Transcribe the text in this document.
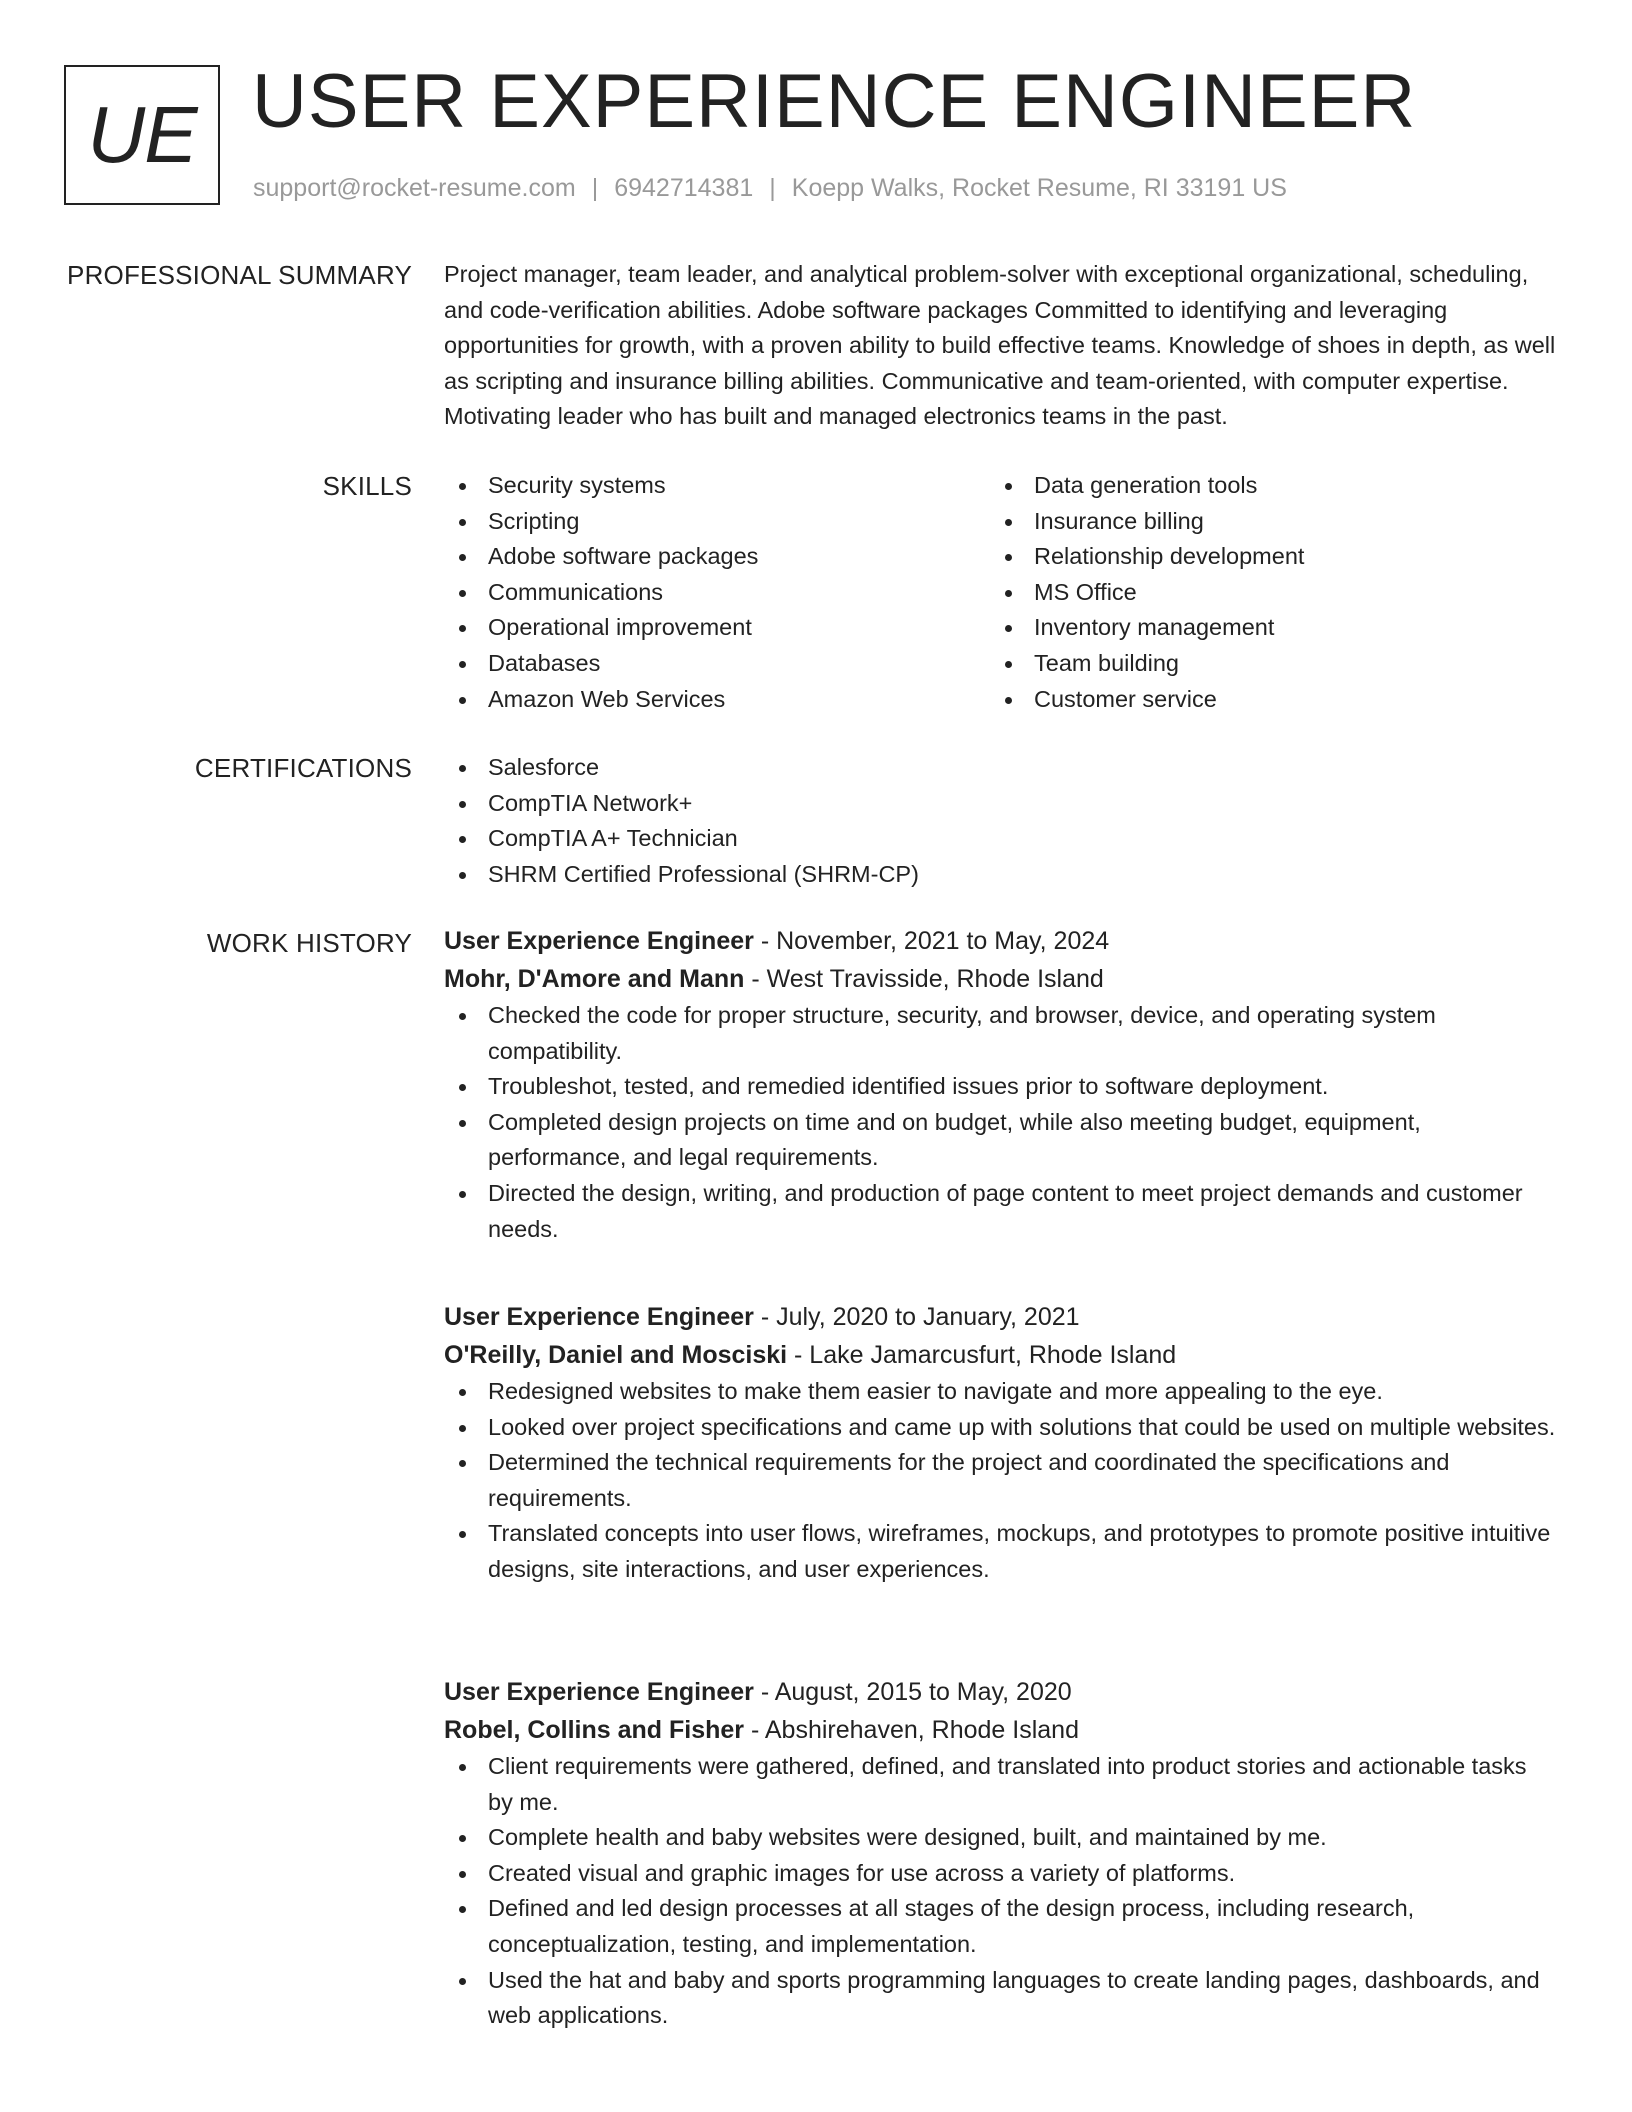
UE USER EXPERIENCE ENGINEER
support@rocket-resume.com | 6942714381 | Koepp Walks, Rocket Resume, RI 33191 US
PROFESSIONAL SUMMARY Project manager, team leader, and analytical problem-solver with exceptional organizational, scheduling, and code-verification abilities. Adobe software packages Committed to identifying and leveraging opportunities for growth, with a proven ability to build effective teams. Knowledge of shoes in depth, as well as scripting and insurance billing abilities. Communicative and team-oriented, with computer expertise. Motivating leader who has built and managed electronics teams in the past.

SKILLS	Security systems
Scripting
Adobe software packages
Communications
Operational improvement
Databases
Amazon Web Services
Data generation tools
Insurance billing
Relationship development
MS Office
Inventory management
Team building
Customer service
CERTIFICATIONS	Salesforce
CompTIA Network+
CompTIA A+ Technician
SHRM Certified Professional (SHRM-CP)
WORK HISTORY User Experience Engineer - November, 2021 to May, 2024
Mohr, D'Amore and Mann - West Travisside, Rhode Island
Checked the code for proper structure, security, and browser, device, and operating system compatibility.
Troubleshot, tested, and remedied identified issues prior to software deployment.
Completed design projects on time and on budget, while also meeting budget, equipment, performance, and legal requirements.
Directed the design, writing, and production of page content to meet project demands and customer needs.
User Experience Engineer - July, 2020 to January, 2021
O'Reilly, Daniel and Mosciski - Lake Jamarcusfurt, Rhode Island
Redesigned websites to make them easier to navigate and more appealing to the eye.
Looked over project specifications and came up with solutions that could be used on multiple websites.
Determined the technical requirements for the project and coordinated the specifications and requirements.
Translated concepts into user flows, wireframes, mockups, and prototypes to promote positive intuitive designs, site interactions, and user experiences.
User Experience Engineer - August, 2015 to May, 2020
Robel, Collins and Fisher - Abshirehaven, Rhode Island
Client requirements were gathered, defined, and translated into product stories and actionable tasks by me.
Complete health and baby websites were designed, built, and maintained by me.
Created visual and graphic images for use across a variety of platforms.
Defined and led design processes at all stages of the design process, including research, conceptualization, testing, and implementation.
Used the hat and baby and sports programming languages to create landing pages, dashboards, and web applications.
